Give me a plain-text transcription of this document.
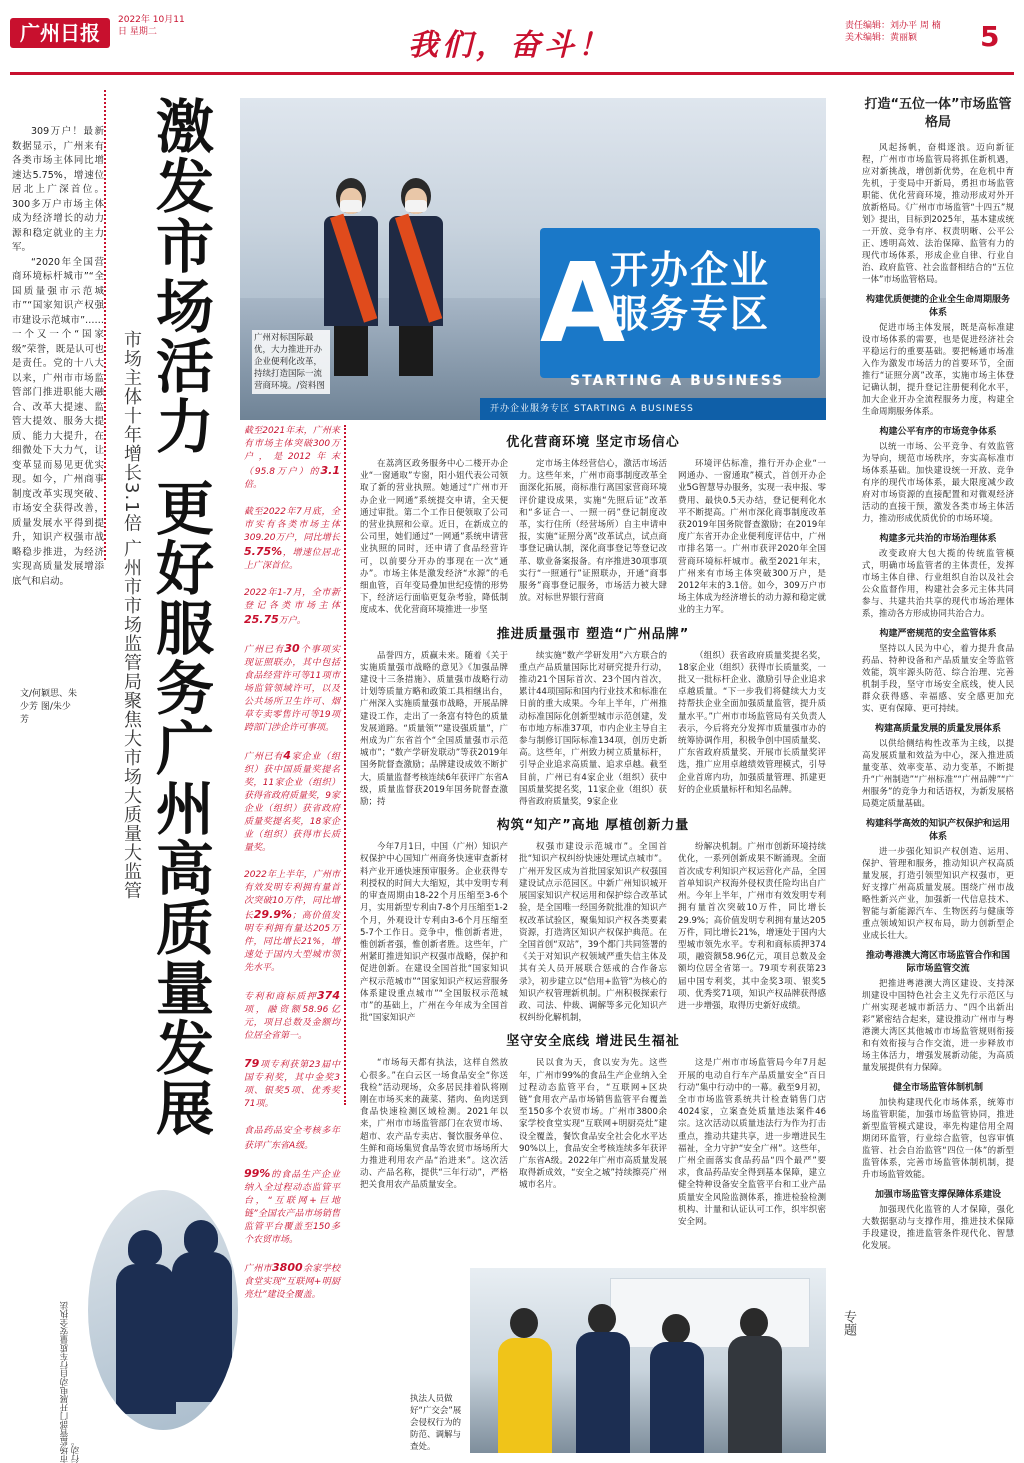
广州日报
2022年 10月11日 星期二	我们，奋斗！
责任编辑：刘办平 周 楠 美术编辑：黄丽颖	5

309万户！最新数据显示，广州来有各类市场主体同比增速达5.75%，增速位居北上广深首位。300多万户市场主体成为经济增长的动力源和稳定就业的主力军。

“2020年全国营商环境标杆城市”“全国质量强市示范城市”“国家知识产权强市建设示范城市”……一个又一个“国家级”荣誉，既是认可也是责任。党的十八大以来，广州市市场监管部门推进职能大融合、改革大提速、监管大提效、服务大提质、能力大提升，在细微处下大力气，让变革显而易见更优实现。如今，广州商事制度改革实现突破、市场安全获得改善，质量发展水平得到提升，知识产权强市战略稳步推进，为经济实现高质量发展增添底气和启动。

文/何颖思、朱少芳 图/朱少芳	激发市场活力 更好服务广州高质量发展
市场主体十年增长3.1倍 广州市市场监管局聚焦大市场大质量大监管
A
开办企业 服务专区
STARTING A BUSINESS
开办企业服务专区 STARTING A BUSINESS
广州对标国际最优，大力推进开办企业便利化改革，持续打造国际一流营商环境。/资料图
截至2021年末，广州来有市场主体突破300万户，是2012年末（95.8万户）的3.1倍。
截至2022年7月底，全市实有各类市场主体309.20万户，同比增长5.75%，增速位居北上广深首位。
2022年1-7月，全市新登记各类市场主体25.75万户。
广州已有30个事项实现证照联办，其中包括食品经营许可等11项市场监管领域许可，以及公共场所卫生许可、烟草专卖零售许可等19项跨部门涉企许可事项。
广州已有4家企业（组织）获中国质量奖提名奖，11家企业（组织）获得省政府质量奖，9家企业（组织）获省政府质量奖提名奖，18家企业（组织）获得市长质量奖。
2022年上半年，广州市有效发明专利拥有量首次突破10万件，同比增长29.9%；高价值发明专利拥有量达205万件，同比增长21%，增速处于国内大型城市领先水平。
专利和商标质押374项，融资额58.96亿元，项目总数及金额均位居全省第一。
79项专利获第23届中国专利奖，其中金奖3项、银奖5项、优秀奖71项。
食品药品安全考核多年获评广东省A级。
99%的食品生产企业纳入全过程动态监管平台，“互联网+巨地链”全国农产品市场销售监管平台覆盖至150多个农贸市场。
广州市3800余家学校食堂实现“互联网+明厨亮灶”建设全覆盖。
优化营商环境 坚定市场信心

在荔湾区政务服务中心二楼开办企业“一窗通取”专窗，阳小姐代表公司领取了新的营业执照。她通过“广州市开办企业一网通”系统提交申请，全天便通过审批。第二个工作日便领取了公司的营业执照和公章。近日，在新成立的公司里，她们通过“一网通”系统申请营业执照的同时，还申请了食品经营许可，以前要分开办的事现在一次“通办”。市场主体是激发经济“水源”的毛细血管，百年变局叠加世纪疫情的形势下，经济运行面临更复杂考验，降低制度成本、优化营商环境推进一步坚

定市场主体经营信心，激活市场活力。这些年来，广州市商事制度改革全面深化拓展，商标准行离国家营商环境评价建设成果，实施“先照后证”改革和“多证合一、一照一码”登记制度改革，实行住所（经营场所）自主申请申报，实施“证照分离”改革试点，试点商事登记确认制，深化商事登记等登记改革、歇业备案报备。有序推进30项事项实行“一照通行”证照联办，开通“商事服务”商事登记服务，市场活力被大肆放。对标世界银行营商

环境评估标准，推行开办企业“一网通办、一窗通取”模式，首创开办企业5G智慧导办服务，实现一表申报、零费用、最快0.5天办结，登记便利化水平不断提高。广州市深化商事制度改革获2019年国务院督查激励；在2019年度广东省开办企业便利度评估中，广州市排名第一。广州市获评2020年全国营商环境标杆城市。截至2021年末，广州来有市场主体突破300万户，是2012年末的3.1倍。如今，309万户市场主体成为经济增长的动力源和稳定就业的主力军。

推进质量强市 塑造“广州品牌”

品誉四方，质赢未来。随着《关于实施质量强市战略的意见》《加强品牌建设十三条措施》、质量强市战略行动计划等质量方略和政策工具相继出台，广州深入实施质量强市战略，开展品牌建设工作，走出了一条富有特色的质量发展道路。“质量领”“建设强质量”，广州成为广东省首个“全国质量强市示范城市”；“数产学研发联动”等获2019年国务院督查激励；品牌建设成效不断扩大，质量监督考核连续6年获评广东省A级，质量监督获2019年国务院督查激励；持

续实施“数产学研发用”六方联合的重点产品质量国际比对研究提升行动，推动21个国际首次、23个国内首次，累计44项国际和国内行业技术和标准在日前的重大成果。今年上半年，广州推动标准国际化创新型城市示范创建，发布市地方标准37项，市内企业主导自主参与制修订国际标准134项，创历史新高。这些年，广州致力树立质量标杆，引导企业追求高质量、追求卓越。截至目前，广州已有4家企业（组织）获中国质量奖提名奖，11家企业（组织）获得省政府质量奖，9家企业

（组织）获省政府质量奖提名奖，18家企业（组织）获得市长质量奖，一批又一批标杆企业、激励引导企业追求卓越质量。“下一步我们将健续大力支持帮扶企业全面加强质量监管，提升质量水平。”广州市市场监管局有关负责人表示，今后将充分发挥市质量强市办的统筹协调作用，积极争创中国质量奖、广东省政府质量奖、开展市长质量奖评选，推广应用卓越绩效管理模式，引导企业首席内功，加强质量管理、抓建更好的企业质量标杆和知名品牌。

构筑“知产”高地 厚植创新力量

今年7月1日，中国（广州）知识产权保护中心国知广州商务快速审查新材料产业开通快速预审服务。企业获得专利授权的时间大大缩短，其中发明专利的审查周期由18-22个月压缩至3-6个月，实用新型专利由7-8个月压缩至1-2个月，外观设计专利由3-6个月压缩至5-7个工作日。竞争中，惟创新者进，惟创新者强，惟创新者胜。这些年，广州紧盯推进知识产权强市战略，保护和促进创新。在建设全国首批“国家知识产权示范城市”“国家知识产权运营服务体系建设重点城市”“全国版权示范城市”的基础上，广州在今年成为全国首批“国家知识产

权强市建设示范城市”。全国首批“知识产权纠纷快速处理试点城市”。广州开发区成为首批国家知识产权强国建设试点示范园区。中新广州知识城开展国家知识产权运用和保护综合改革试验，是全国唯一经国务院批准的知识产权改革试验区，聚集知识产权各类要素资源，打造湾区知识产权保护典范。在全国首创“双站”，39个都门共同签署的《关于对知识产权领域严重失信主体及其有关人员开展联合惩戒的合作备忘录》，初步建立以“信用+监管”为核心的知识产权管理新机制。广州积极探索行政、司法、仲裁、调解等多元化知识产权纠纷化解机制，

纷解决机制。广州市创新环境持续优化，一系列创新成果不断涌现。全面首次成专利知识产权运营化产品，全国首单知识产权海外侵权责任险均出自广州。今年上半年，广州市有效发明专利拥有量首次突破10万件，同比增长29.9%；高价值发明专利拥有量达205万件，同比增长21%，增速处于国内大型城市领先水平。专利和商标质押374项，融资额58.96亿元，项目总数及金额均位居全省第一。79项专利获第23届中国专利奖，其中金奖3项、银奖5项、优秀奖71项，知识产权品牌获得感进一步增强，取得历史新好成绩。

坚守安全底线 增进民生福祉

“市场每天都有执法，这样自然放心很多。”在白云区一场食品安全“你送我检”活动现场，众多居民排着队将刚刚在市场买来的蔬菜、猪肉、鱼肉送到食品快速检测区域检测。2021年以来，广州市市场监管部门在农贸市场、超市、农产品专卖店、餐饮服务单位、生鲜和商场集贸食品等农贸市场场所大力推进利用农产品“治进来”。这次活动、产品名称，提供“三年行动”，严格把关食用农产品质量安全。

民以食为天，食以安为先。这些年，广州市99%的食品生产企业纳入全过程动态监管平台，“互联网+区块链”食用农产品市场销售监管平台覆盖至150多个农贸市场。广州市3800余家学校食堂实现“互联网+明厨亮灶”建设全覆盖，餐饮食品安全社会化水平达90%以上，食品安全考核连续多年获评广东省A级。2022年广州市高质量发展取得新成效，“安全之城”持续擦亮广州城市名片。

这是广州市市场监管局今年7月起开展的电动自行车产品质量安全“百日行动”集中行动中的一幕。截至9月初，全市市场监管系统共计检查销售门店4024家，立案查处质量违法案件46宗。这次活动以质量违法行为作为打击重点，推动共建共享，进一步增进民生福祉，全力守护“安全广州”。这些年，广州全面落实食品药品“四个最严”要求，食品药品安全得到基本保障，建立健全特种设备安全监管平台和工业产品质量安全风险监测体系，推进检验检测机构、计量和认证认可工作，织牢织密安全网。

打造“五位一体”市场监管格局

风起扬帆，奋楫逐浪。迈向新征程，广州市市场监管局将抓住新机遇，应对新挑战，增创新优势，在危机中育先机，于变局中开新局，勇担市场监管职能、优化营商环境，推动形成对外开放新格局。《广州市市场监管“十四五”规划》提出，目标到2025年，基本建成统一开放、竞争有序、权责明晰、公平公正、透明高效、法治保障、监管有力的现代市场体系，形成企业自律、行业自治、政府监管、社会监督相结合的“五位一体”市场监管格局。

构建优质便捷的企业全生命周期服务体系

促进市场主体发展，既是高标准建设市场体系的需要，也是促进经济社会平稳运行的重要基础。要把畅通市场准入作为激发市场活力的首要环节，全面推行“证照分离”改革，实施市场主体登记确认制，提升登记注册便利化水平，加大企业开办全流程服务力度，构建全生命周期服务体系。

构建公平有序的市场竞争体系

以统一市场、公平竞争、有效监管为导向，规范市场秩序，夯实高标准市场体系基础。加快建设统一开放、竞争有序的现代市场体系，最大限度减少政府对市场资源的直接配置和对微观经济活动的直接干预，激发各类市场主体活力，推动形成优质优价的市场环境。

构建多元共治的市场治理体系

改变政府大包大揽的传统监管模式，明确市场监管者的主体责任，发挥市场主体自律、行业组织自治以及社会公众监督作用，构建社会多元主体共同参与、共建共治共享的现代市场治理体系，推动各方形成协同共治合力。

构建严密规范的安全监管体系

坚持以人民为中心，着力提升食品药品、特种设备和产品质量安全等监管效能，筑牢源头防范、综合治理、完善机制手段，坚守市场安全底线，使人民群众获得感、幸福感、安全感更加充实、更有保障、更可持续。

构建高质量发展的质量发展体系

以供给侧结构性改革为主线，以提高发展质量和效益为中心，深入推进质量变革、效率变革、动力变革，不断提升“广州制造”“广州标准”“广州品牌”“广州服务”的竞争力和话语权，为新发展格局奠定质量基础。

构建科学高效的知识产权保护和运用体系

进一步强化知识产权创造、运用、保护、管理和服务，推动知识产权高质量发展，打造引领型知识产权强市，更好支撑广州高质量发展。围绕广州市战略性新兴产业，加强新一代信息技术、智能与新能源汽车、生物医药与健康等重点领域知识产权布局，助力创新型企业成长壮大。

推动粤港澳大湾区市场监管合作和国际市场监管交流

把推进粤港澳大湾区建设、支持深圳建设中国特色社会主义先行示范区与广州实现老城市新活力、“四个出新出彩”紧密结合起来，建设推动广州市与粤港澳大湾区其他城市市场监管规则衔接和有效衔接与合作交流，进一步释放市场主体活力，增强发展新动能，为高质量发展提供有力保障。

健全市场监管体制机制

加快构建现代化市场体系，统筹市场监管职能，加强市场监管协同，推进新型监管模式建设，率先构建信用全周期闭环监管，行业综合监管，包容审慎监管、社会自治监管“四位一体”的新型监管体系，完善市场监管体制机制，提升市场监管效能。

加强市场监管支撑保障体系建设

加强现代化监管的人才保障，强化大数据驱动与支撑作用，推进技术保障手段建设，推进监管条件现代化、智慧化发展。

专题
市场监管部门开展电动自行车质量安全执法行动。
执法人员做好“广交会”展会侵权行为的防范、调解与查处。
